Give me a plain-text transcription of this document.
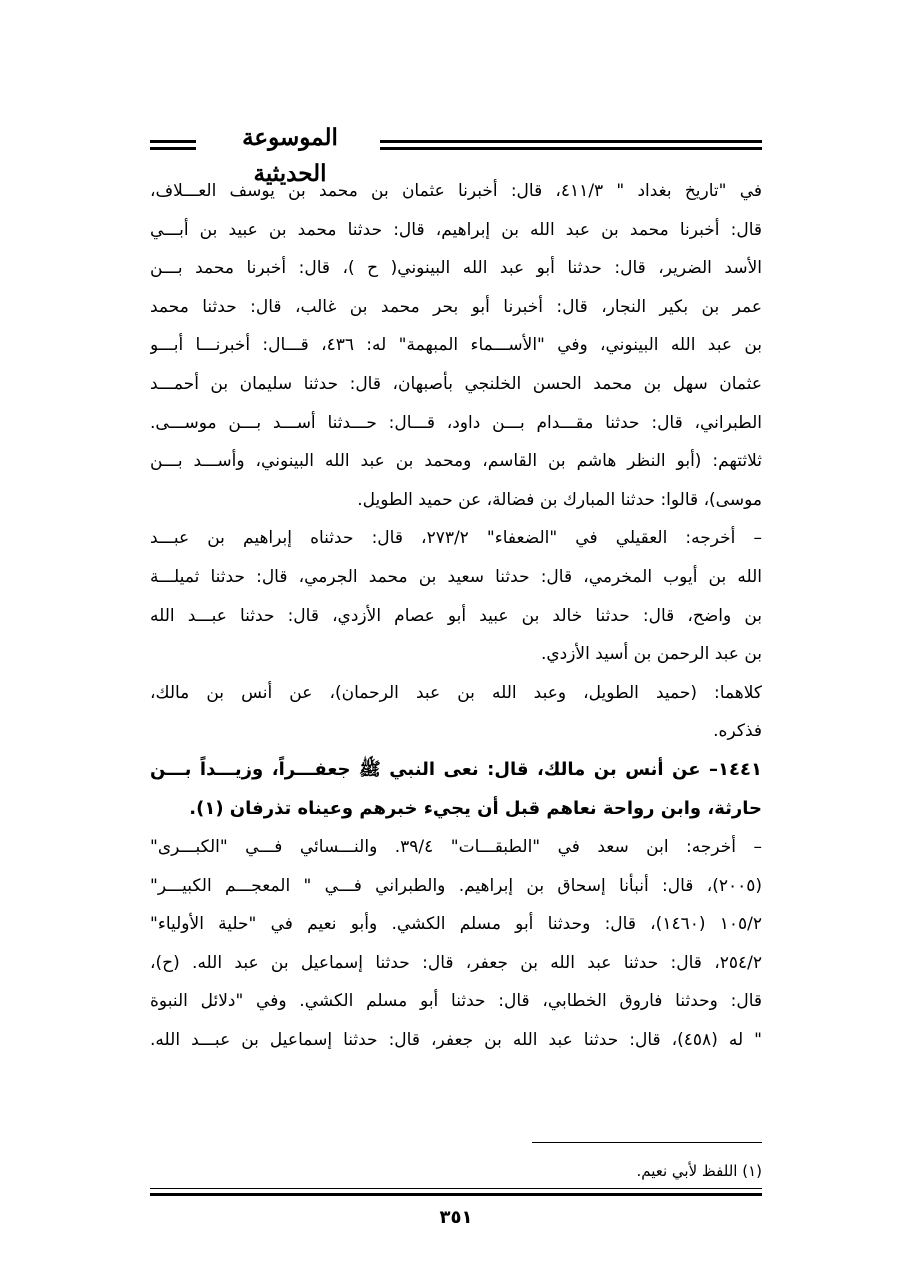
الموسوعة الحديثية
في "تاريخ بغداد " ٤١١/٣، قال: أخبرنا عثمان بن محمد بن يوسف العـــلاف،
قال: أخبرنا محمد بن عبد الله بن إبراهيم، قال: حدثنا محمد بن عبيد بن أبـــي
الأسد الضرير، قال: حدثنا أبو عبد الله البينوني( ح )، قال: أخبرنا محمد بـــن
عمر بن بكير النجار، قال: أخبرنا أبو بحر محمد بن غالب، قال: حدثنا محمد
بن عبد الله البينوني، وفي "الأســـماء المبهمة" له: ٤٣٦، قـــال: أخبرنـــا أبـــو
عثمان سهل بن محمد الحسن الخلنجي بأصبهان، قال: حدثنا سليمان بن أحمـــد
الطبراني، قال: حدثنا مقـــدام بـــن داود، قـــال: حـــدثنا أســـد بـــن موســـى.
ثلاثتهم: (أبو النظر هاشم بن القاسم، ومحمد بن عبد الله البينوني، وأســـد بـــن
موسى)، قالوا: حدثنا المبارك بن فضالة، عن حميد الطويل.
– أخرجه: العقيلي في "الضعفاء" ٢٧٣/٢، قال: حدثناه إبراهيم بن عبـــد
الله بن أيوب المخرمي، قال: حدثنا سعيد بن محمد الجرمي، قال: حدثنا ثميلـــة
بن واضح، قال: حدثنا خالد بن عبيد أبو عصام الأزدي، قال: حدثنا عبـــد الله
بن عبد الرحمن بن أسيد الأزدي.
كلاهما: (حميد الطويل، وعبد الله بن عبد الرحمان)، عن أنس بن مالك،
فذكره.
١٤٤١– عن أنس بن مالك، قال: نعى النبي ﷺ جعفـــراً، وزيـــداً بـــن
حارثة، وابن رواحة نعاهم قبل أن يجيء خبرهم وعيناه تذرفان (١).
– أخرجه: ابن سعد في "الطبقـــات" ٣٩/٤. والنـــسائي فـــي "الكبـــرى"
(٢٠٠٥)، قال: أنبأنا إسحاق بن إبراهيم. والطبراني فـــي " المعجـــم الكبيـــر"
١٠٥/٢ (١٤٦٠)، قال: وحدثنا أبو مسلم الكشي. وأبو نعيم في "حلية الأولياء"
٢٥٤/٢، قال: حدثنا عبد الله بن جعفر، قال: حدثنا إسماعيل بن عبد الله. (ح)،
قال: وحدثنا فاروق الخطابي، قال: حدثنا أبو مسلم الكشي. وفي "دلائل النبوة
" له (٤٥٨)، قال: حدثنا عبد الله بن جعفر، قال: حدثنا إسماعيل بن عبـــد الله.
(١) اللفظ لأبي نعيم.
٣٥١
